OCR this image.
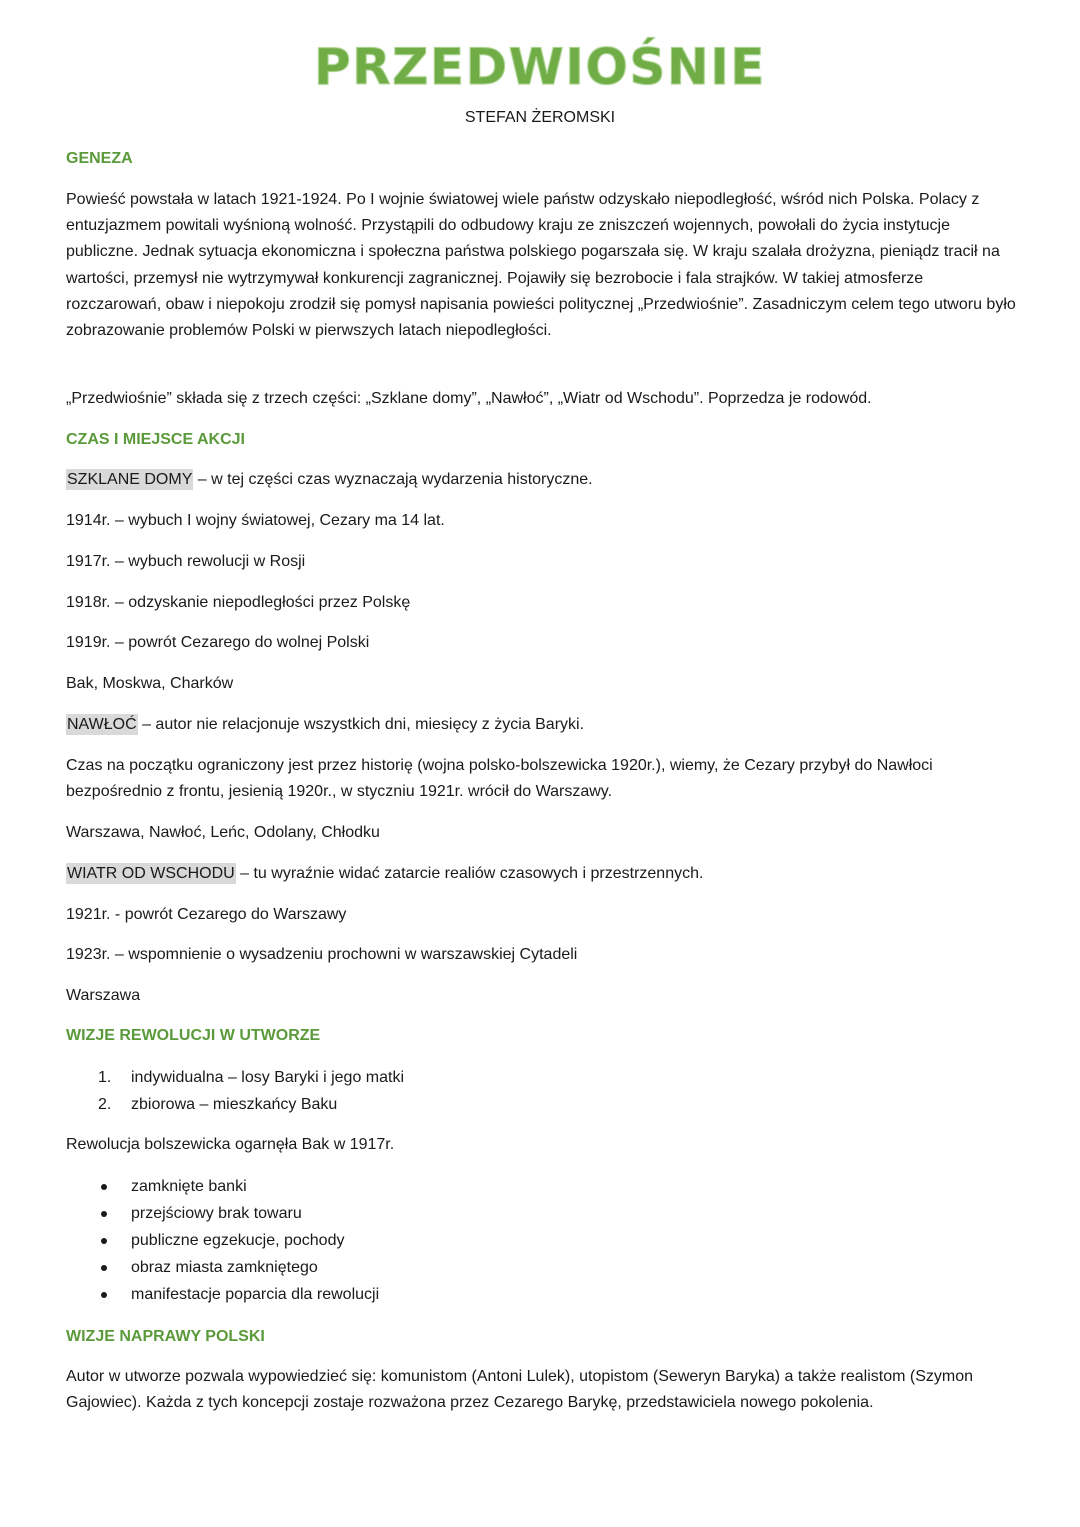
PRZEDWIOŚNIE
STEFAN ŻEROMSKI
GENEZA
Powieść powstała w latach 1921-1924. Po I wojnie światowej wiele państw odzyskało niepodległość, wśród nich Polska. Polacy z entuzjazmem powitali wyśnioną wolność. Przystąpili do odbudowy kraju ze zniszczeń wojennych, powołali do życia instytucje publiczne. Jednak sytuacja ekonomiczna i społeczna państwa polskiego pogarszała się. W kraju szalała drożyzna, pieniądz tracił na wartości, przemysł nie wytrzymywał konkurencji zagranicznej. Pojawiły się bezrobocie i fala strajków. W takiej atmosferze rozczarowań, obaw i niepokoju zrodził się pomysł napisania powieści politycznej „Przedwiośnie”. Zasadniczym celem tego utworu było zobrazowanie problemów Polski w pierwszych latach niepodległości.
„Przedwiośnie” składa się z trzech części: „Szklane domy”, „Nawłoć”, „Wiatr od Wschodu”. Poprzedza je rodowód.
CZAS I MIEJSCE AKCJI
SZKLANE DOMY – w tej części czas wyznaczają wydarzenia historyczne.
1914r. – wybuch I wojny światowej, Cezary ma 14 lat.
1917r. – wybuch rewolucji w Rosji
1918r. – odzyskanie niepodległości przez Polskę
1919r. – powrót Cezarego do wolnej Polski
Bak, Moskwa, Charków
NAWŁOĆ – autor nie relacjonuje wszystkich dni, miesięcy z życia Baryki.
Czas na początku ograniczony jest przez historię (wojna polsko-bolszewicka 1920r.), wiemy, że Cezary przybył do Nawłoci bezpośrednio z frontu, jesienią 1920r., w styczniu 1921r. wrócił do Warszawy.
Warszawa, Nawłoć, Leńc, Odolany, Chłodku
WIATR OD WSCHODU – tu wyraźnie widać zatarcie realiów czasowych i przestrzennych.
1921r. - powrót Cezarego do Warszawy
1923r. – wspomnienie o wysadzeniu prochowni w warszawskiej Cytadeli
Warszawa
WIZJE REWOLUCJI W UTWORZE
1. indywidualna – losy Baryki i jego matki
2. zbiorowa – mieszkańcy Baku
Rewolucja bolszewicka ogarnęła Bak w 1917r.
zamknięte banki
przejściowy brak towaru
publiczne egzekucje, pochody
obraz miasta zamkniętego
manifestacje poparcia dla rewolucji
WIZJE NAPRAWY POLSKI
Autor w utworze pozwala wypowiedzieć się: komunistom (Antoni Lulek), utopistom (Seweryn Baryka) a także realistom (Szymon Gajowiec). Każda z tych koncepcji zostaje rozważona przez Cezarego Barykę, przedstawiciela nowego pokolenia.
